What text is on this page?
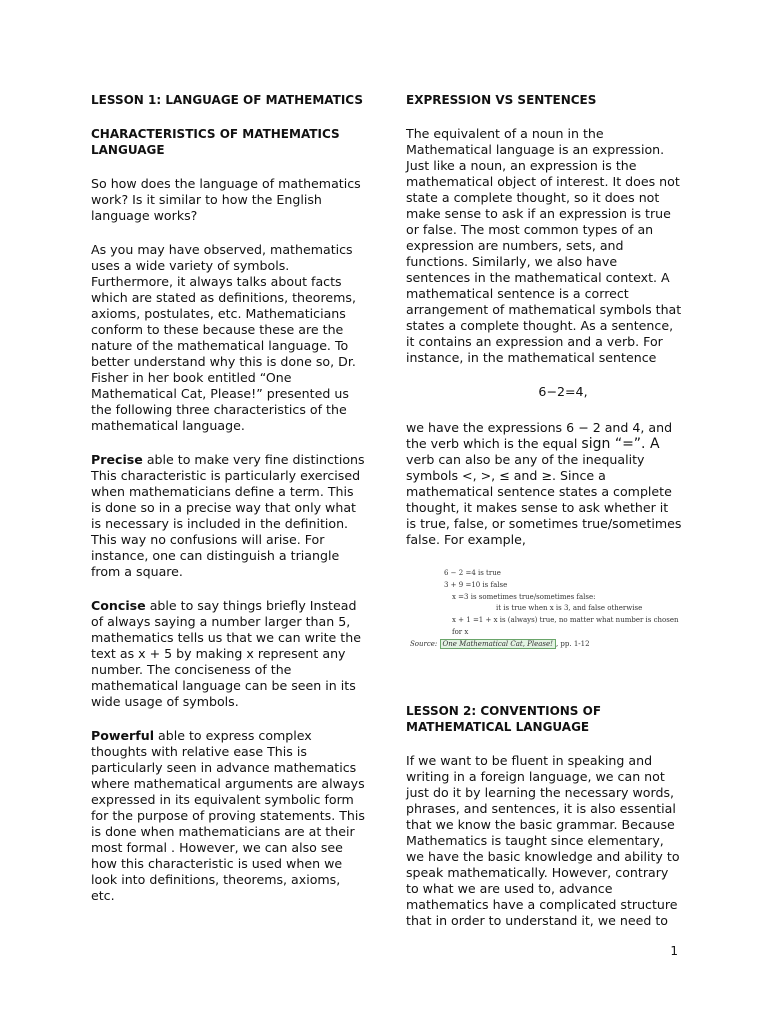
LESSON 1: LANGUAGE OF MATHEMATICS

CHARACTERISTICS OF MATHEMATICS LANGUAGE

So how does the language of mathematics work? Is it similar to how the English language works?

As you may have observed, mathematics uses a wide variety of symbols. Furthermore, it always talks about facts which are stated as definitions, theorems, axioms, postulates, etc. Mathematicians conform to these because these are the nature of the mathematical language. To better understand why this is done so, Dr. Fisher in her book entitled “One Mathematical Cat, Please!” presented us the following three characteristics of the mathematical language.

Precise able to make very fine distinctions This characteristic is particularly exercised when mathematicians define a term. This is done so in a precise way that only what is necessary is included in the definition. This way no confusions will arise. For instance, one can distinguish a triangle from a square.

Concise able to say things briefly Instead of always saying a number larger than 5, mathematics tells us that we can write the text as x + 5 by making x represent any number. The conciseness of the mathematical language can be seen in its wide usage of symbols.

Powerful able to express complex thoughts with relative ease This is particularly seen in advance mathematics where mathematical arguments are always expressed in its equivalent symbolic form for the purpose of proving statements. This is done when mathematicians are at their most formal . However, we can also see how this characteristic is used when we look into definitions, theorems, axioms, etc.

EXPRESSION VS SENTENCES

The equivalent of a noun in the Mathematical language is an expression. Just like a noun, an expression is the mathematical object of interest. It does not state a complete thought, so it does not make sense to ask if an expression is true or false. The most common types of an expression are numbers, sets, and functions. Similarly, we also have sentences in the mathematical context. A mathematical sentence is a correct arrangement of mathematical symbols that states a complete thought. As a sentence, it contains an expression and a verb. For instance, in the mathematical sentence

6−2=4,

we have the expressions 6 − 2 and 4, and the verb which is the equal sign “=”. A verb can also be any of the inequality symbols <, >, ≤ and ≥. Since a mathematical sentence states a complete thought, it makes sense to ask whether it is true, false, or sometimes true/sometimes false. For example,

6 − 2 =4 is true
3 + 9 =10 is false
x =3 is sometimes true/sometimes false:
it is true when x is 3, and false otherwise
x + 1 =1 + x is (always) true, no matter what number is chosen for x
Source: One Mathematical Cat, Please! , pp. 1-12

LESSON 2: CONVENTIONS OF MATHEMATICAL LANGUAGE

If we want to be fluent in speaking and writing in a foreign language, we can not just do it by learning the necessary words, phrases, and sentences, it is also essential that we know the basic grammar. Because Mathematics is taught since elementary, we have the basic knowledge and ability to speak mathematically. However, contrary to what we are used to, advance mathematics have a complicated structure that in order to understand it, we need to

1
